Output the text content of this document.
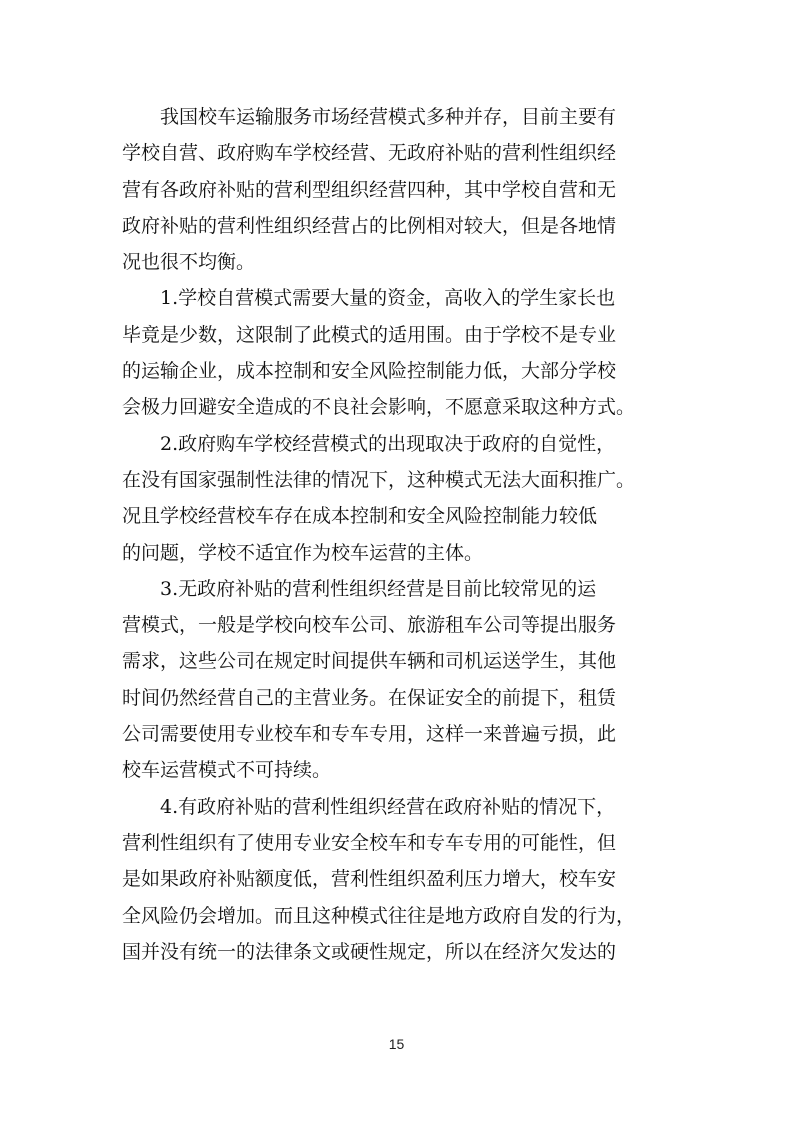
我国校车运输服务市场经营模式多种并存，目前主要有
学校自营、政府购车学校经营、无政府补贴的营利性组织经
营有各政府补贴的营利型组织经营四种，其中学校自营和无
政府补贴的营利性组织经营占的比例相对较大，但是各地情
况也很不均衡。

1.学校自营模式需要大量的资金，高收入的学生家长也
毕竟是少数，这限制了此模式的适用围。由于学校不是专业
的运输企业，成本控制和安全风险控制能力低，大部分学校
会极力回避安全造成的不良社会影响，不愿意采取这种方式。

2.政府购车学校经营模式的出现取决于政府的自觉性，
在没有国家强制性法律的情况下，这种模式无法大面积推广。
况且学校经营校车存在成本控制和安全风险控制能力较低
的问题，学校不适宜作为校车运营的主体。

3.无政府补贴的营利性组织经营是目前比较常见的运
营模式，一般是学校向校车公司、旅游租车公司等提出服务
需求，这些公司在规定时间提供车辆和司机运送学生，其他
时间仍然经营自己的主营业务。在保证安全的前提下，租赁
公司需要使用专业校车和专车专用，这样一来普遍亏损，此
校车运营模式不可持续。

4.有政府补贴的营利性组织经营在政府补贴的情况下，
营利性组织有了使用专业安全校车和专车专用的可能性，但
是如果政府补贴额度低，营利性组织盈利压力增大，校车安
全风险仍会增加。而且这种模式往往是地方政府自发的行为，
国并没有统一的法律条文或硬性规定，所以在经济欠发达的

15
